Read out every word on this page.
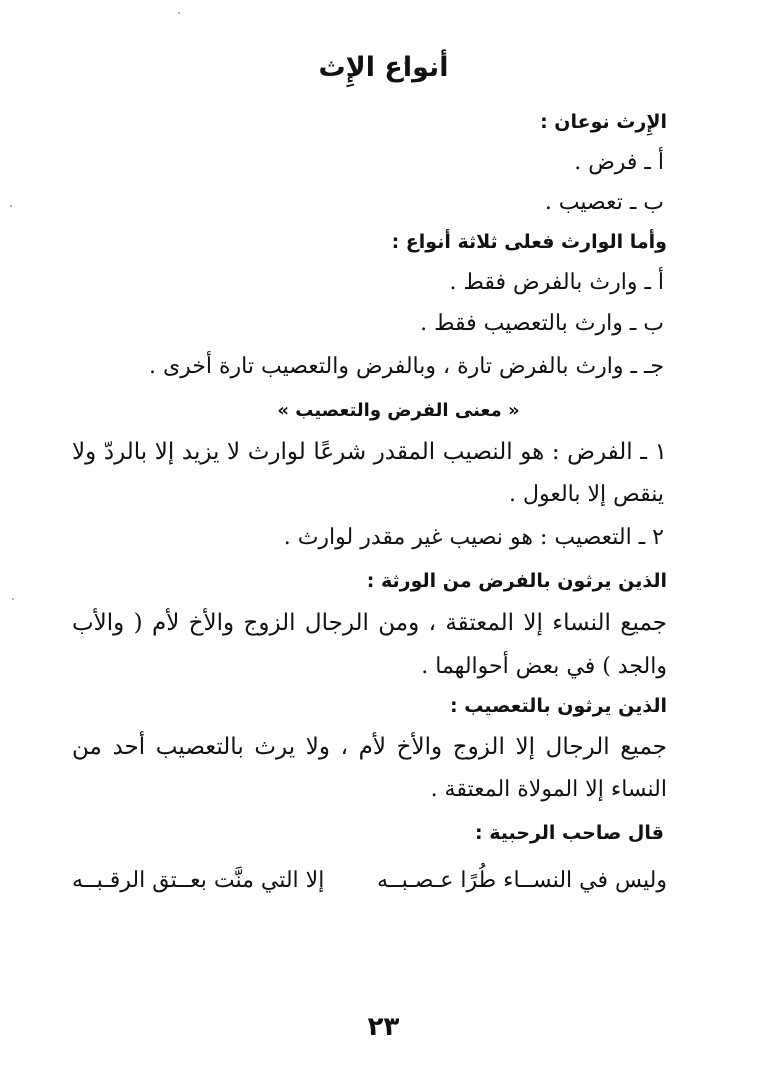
أنواع الإِث
الإِرث نوعان :
أ ـ فرض .
ب ـ تعصيب .
وأما الوارث فعلى ثلاثة أنواع :
أ ـ وارث بالفرض فقط .
ب ـ وارث بالتعصيب فقط .
جـ ـ وارث بالفرض تارة ، وبالفرض والتعصيب تارة أخرى .
« معنى الفرض والتعصيب »
١ ـ الفرض : هو النصيب المقدر شرعًا لوارث لا يزيد إلا بالردّ ولا
ينقص إلا بالعول .
٢ ـ التعصيب : هو نصيب غير مقدر لوارث .
الذين يرثون بالفرض من الورثة :
جميع النساء إلا المعتقة ، ومن الرجال الزوج والأخ لأم ( والأب
والجد ) في بعض أحوالهما .
الذين يرثون بالتعصيب :
جميع الرجال إلا الزوج والأخ لأم ، ولا يرث بالتعصيب أحد من
النساء إلا المولاة المعتقة .
قال صاحب الرحبية :
وليس في النســاء طُرًا عـصـبــه
إلا التي منَّت بعــتق الرقـبــه
٢٣
